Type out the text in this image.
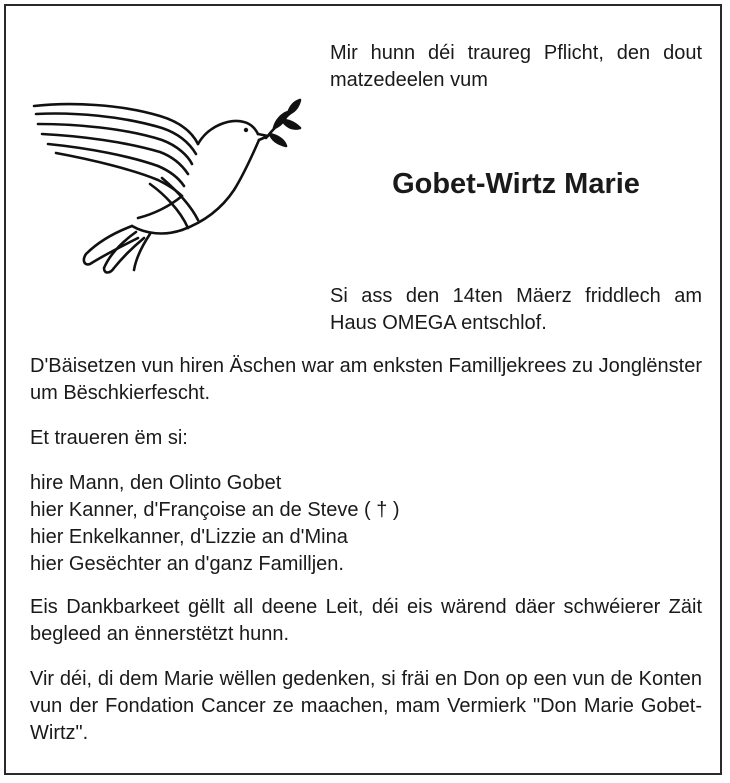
Mir hunn déi traureg Pflicht, den dout matzedeelen vum
Gobet-Wirtz Marie
Si ass den 14ten Mäerz friddlech am Haus OMEGA entschlof.
D'Bäisetzen vun hiren Äschen war am enksten Familljekrees zu Jonglënster um Bëschkierfescht.
Et traueren ëm si:
hire Mann, den Olinto Gobet
hier Kanner, d'Françoise an de Steve ( † )
hier Enkelkanner, d'Lizzie an d'Mina
hier Gesëchter an d'ganz Familljen.
Eis Dankbarkeet gëllt all deene Leit, déi eis wärend däer schwéierer Zäit begleed an ënnerstëtzt hunn.
Vir déi, di dem Marie wëllen gedenken, si fräi en Don op een vun de Konten vun der Fondation Cancer ze maachen, mam Vermierk "Don Marie Gobet-Wirtz".
